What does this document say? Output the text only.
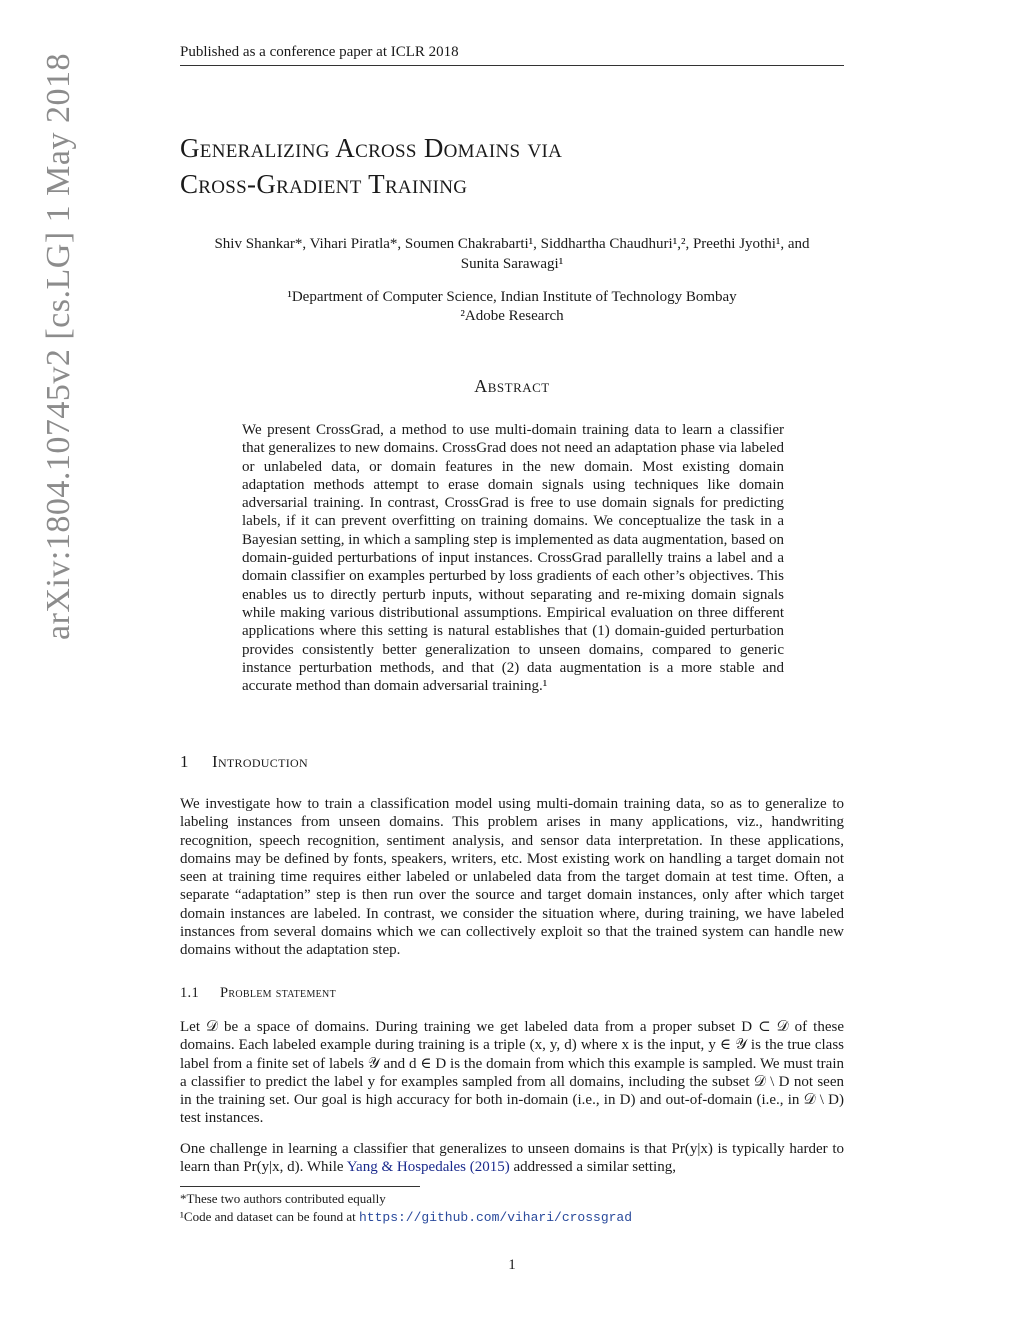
arXiv:1804.10745v2 [cs.LG] 1 May 2018
Published as a conference paper at ICLR 2018
Generalizing Across Domains via
Cross-Gradient Training
Shiv Shankar*, Vihari Piratla*, Soumen Chakrabarti¹, Siddhartha Chaudhuri¹,², Preethi Jyothi¹, and
Sunita Sarawagi¹
¹Department of Computer Science, Indian Institute of Technology Bombay
²Adobe Research
Abstract
We present CrossGrad, a method to use multi-domain training data to learn a classifier that generalizes to new domains. CrossGrad does not need an adaptation phase via labeled or unlabeled data, or domain features in the new domain. Most existing domain adaptation methods attempt to erase domain signals using techniques like domain adversarial training. In contrast, CrossGrad is free to use domain signals for predicting labels, if it can prevent overfitting on training domains. We conceptualize the task in a Bayesian setting, in which a sampling step is implemented as data augmentation, based on domain-guided perturbations of input instances. CrossGrad parallelly trains a label and a domain classifier on examples perturbed by loss gradients of each other’s objectives. This enables us to directly perturb inputs, without separating and re-mixing domain signals while making various distributional assumptions. Empirical evaluation on three different applications where this setting is natural establishes that (1) domain-guided perturbation provides consistently better generalization to unseen domains, compared to generic instance perturbation methods, and that (2) data augmentation is a more stable and accurate method than domain adversarial training.¹
1 Introduction
We investigate how to train a classification model using multi-domain training data, so as to generalize to labeling instances from unseen domains. This problem arises in many applications, viz., handwriting recognition, speech recognition, sentiment analysis, and sensor data interpretation. In these applications, domains may be defined by fonts, speakers, writers, etc. Most existing work on handling a target domain not seen at training time requires either labeled or unlabeled data from the target domain at test time. Often, a separate “adaptation” step is then run over the source and target domain instances, only after which target domain instances are labeled. In contrast, we consider the situation where, during training, we have labeled instances from several domains which we can collectively exploit so that the trained system can handle new domains without the adaptation step.
1.1 Problem statement
Let 𝒟 be a space of domains. During training we get labeled data from a proper subset D ⊂ 𝒟 of these domains. Each labeled example during training is a triple (x, y, d) where x is the input, y ∈ 𝒴 is the true class label from a finite set of labels 𝒴 and d ∈ D is the domain from which this example is sampled. We must train a classifier to predict the label y for examples sampled from all domains, including the subset 𝒟 \ D not seen in the training set. Our goal is high accuracy for both in-domain (i.e., in D) and out-of-domain (i.e., in 𝒟 \ D) test instances.
One challenge in learning a classifier that generalizes to unseen domains is that Pr(y|x) is typically harder to learn than Pr(y|x, d). While Yang & Hospedales (2015) addressed a similar setting,
*These two authors contributed equally
¹Code and dataset can be found at https://github.com/vihari/crossgrad
1
